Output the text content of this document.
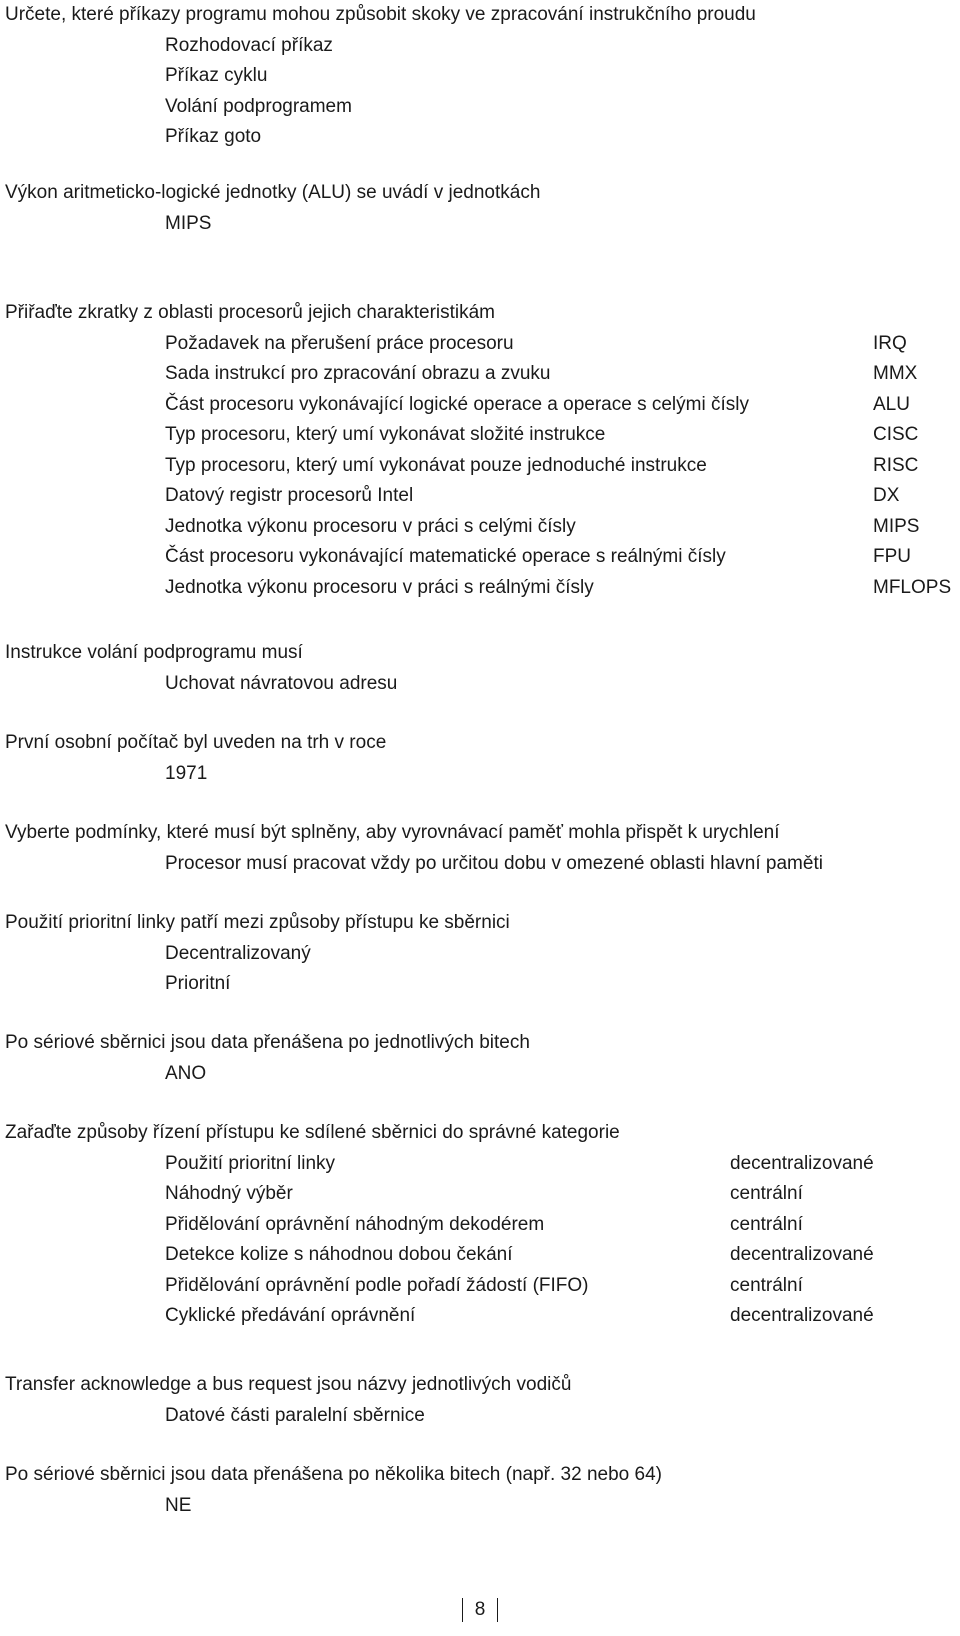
Určete, které příkazy programu mohou způsobit skoky ve zpracování instrukčního proudu
Rozhodovací příkaz
Příkaz cyklu
Volání podprogramem
Příkaz goto
Výkon aritmeticko-logické jednotky (ALU) se uvádí v jednotkách
MIPS
Přiřaďte zkratky z oblasti procesorů jejich charakteristikám
Požadavek na přerušení práce procesoru	IRQ
Sada instrukcí pro zpracování obrazu a zvuku	MMX
Část procesoru vykonávající logické operace a operace s celými čísly	ALU
Typ procesoru, který umí vykonávat složité instrukce	CISC
Typ procesoru, který umí vykonávat pouze jednoduché instrukce	RISC
Datový registr procesorů Intel	DX
Jednotka výkonu procesoru v práci s celými čísly	MIPS
Část procesoru vykonávající matematické operace s reálnými čísly	FPU
Jednotka výkonu procesoru v práci s reálnými čísly	MFLOPS
Instrukce volání podprogramu musí
Uchovat návratovou adresu
První osobní počítač byl uveden na trh v roce
1971
Vyberte podmínky, které musí být splněny, aby vyrovnávací paměť mohla přispět k urychlení
Procesor musí pracovat vždy po určitou dobu v omezené oblasti hlavní paměti
Použití prioritní linky patří mezi způsoby přístupu ke sběrnici
Decentralizovaný
Prioritní
Po sériové sběrnici jsou data přenášena po jednotlivých bitech
ANO
Zařaďte způsoby řízení přístupu ke sdílené sběrnici do správné kategorie
Použití prioritní linky	decentralizované
Náhodný výběr	centrální
Přidělování oprávnění náhodným dekodérem	centrální
Detekce kolize s náhodnou dobou čekání	decentralizované
Přidělování oprávnění podle pořadí žádostí (FIFO)	centrální
Cyklické předávání oprávnění	decentralizované
Transfer acknowledge a bus request jsou názvy jednotlivých vodičů
Datové části paralelní sběrnice
Po sériové sběrnici jsou data přenášena po několika bitech (např. 32 nebo 64)
NE
8
